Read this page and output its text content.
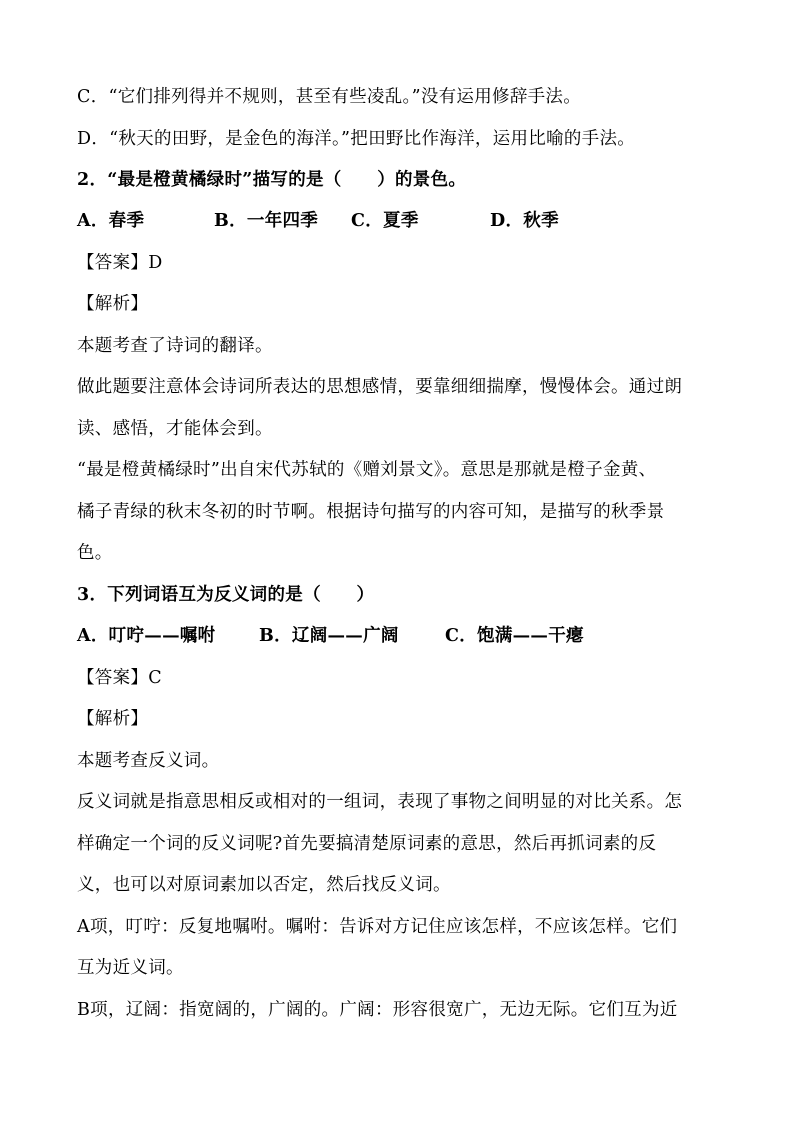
C．“它们排列得并不规则，甚至有些凌乱。”没有运用修辞手法。
D．“秋天的田野，是金色的海洋。”把田野比作海洋，运用比喻的手法。
2．“最是橙黄橘绿时”描写的是（　　）的景色。
A．春季	B．一年四季	C．夏季	D．秋季
【答案】D
【解析】
本题考查了诗词的翻译。
做此题要注意体会诗词所表达的思想感情，要靠细细揣摩，慢慢体会。通过朗
读、感悟，才能体会到。
“最是橙黄橘绿时”出自宋代苏轼的《赠刘景文》。意思是那就是橙子金黄、
橘子青绿的秋末冬初的时节啊。根据诗句描写的内容可知，是描写的秋季景
色。
3．下列词语互为反义词的是（　　）
A．叮咛——嘱咐	B．辽阔——广阔	C．饱满——干瘪
【答案】C
【解析】
本题考查反义词。
反义词就是指意思相反或相对的一组词，表现了事物之间明显的对比关系。怎
样确定一个词的反义词呢?首先要搞清楚原词素的意思，然后再抓词素的反
义，也可以对原词素加以否定，然后找反义词。
A项，叮咛：反复地嘱咐。嘱咐：告诉对方记住应该怎样，不应该怎样。它们
互为近义词。
B项，辽阔：指宽阔的，广阔的。广阔：形容很宽广，无边无际。它们互为近
